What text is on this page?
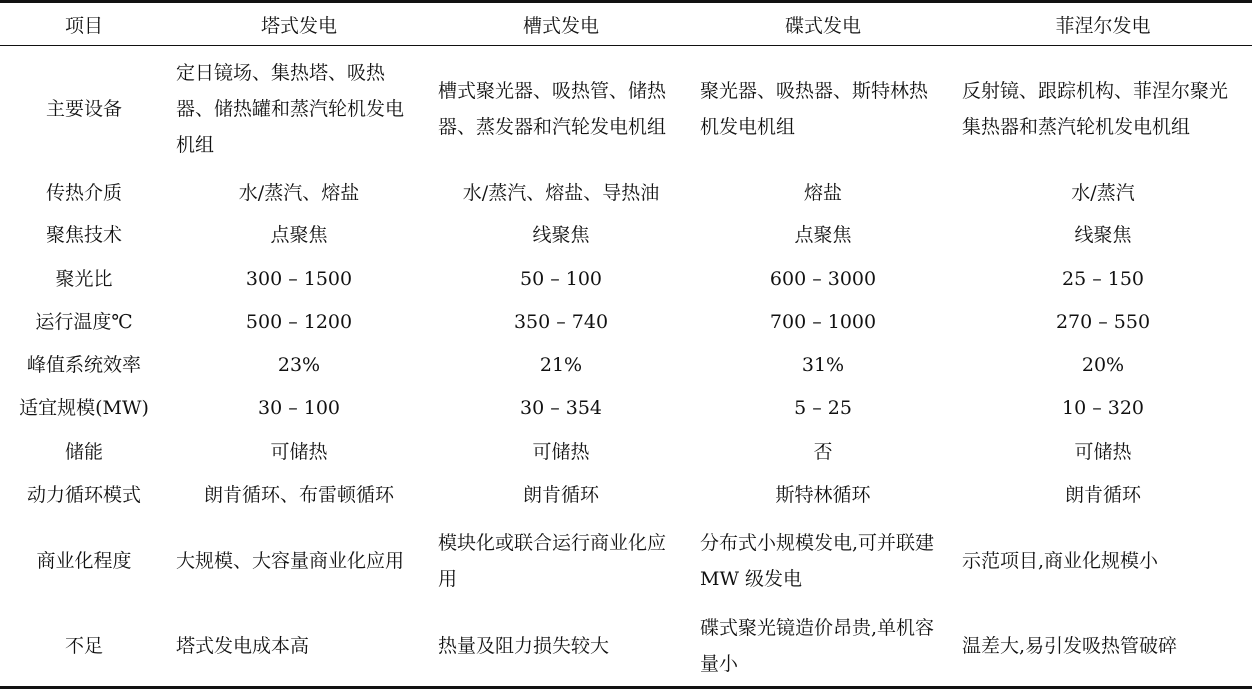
项目	塔式发电	槽式发电	碟式发电	菲涅尔发电
主要设备	定日镜场、集热塔、吸热器、储热罐和蒸汽轮机发电机组	槽式聚光器、吸热管、储热器、蒸发器和汽轮发电机组	聚光器、吸热器、斯特林热机发电机组	反射镜、跟踪机构、菲涅尔聚光集热器和蒸汽轮机发电机组
传热介质	水/蒸汽、熔盐	水/蒸汽、熔盐、导热油	熔盐	水/蒸汽
聚焦技术	点聚焦	线聚焦	点聚焦	线聚焦
聚光比	300 – 1500	50 – 100	600 – 3000	25 – 150
运行温度℃	500 – 1200	350 – 740	700 – 1000	270 – 550
峰值系统效率	23%	21%	31%	20%
适宜规模(MW)	30 – 100	30 – 354	5 – 25	10 – 320
储能	可储热	可储热	否	可储热
动力循环模式	朗肯循环、布雷顿循环	朗肯循环	斯特林循环	朗肯循环
商业化程度	大规模、大容量商业化应用	模块化或联合运行商业化应用	分布式小规模发电,可并联建 MW 级发电	示范项目,商业化规模小
不足	塔式发电成本高	热量及阻力损失较大	碟式聚光镜造价昂贵,单机容量小	温差大,易引发吸热管破碎
